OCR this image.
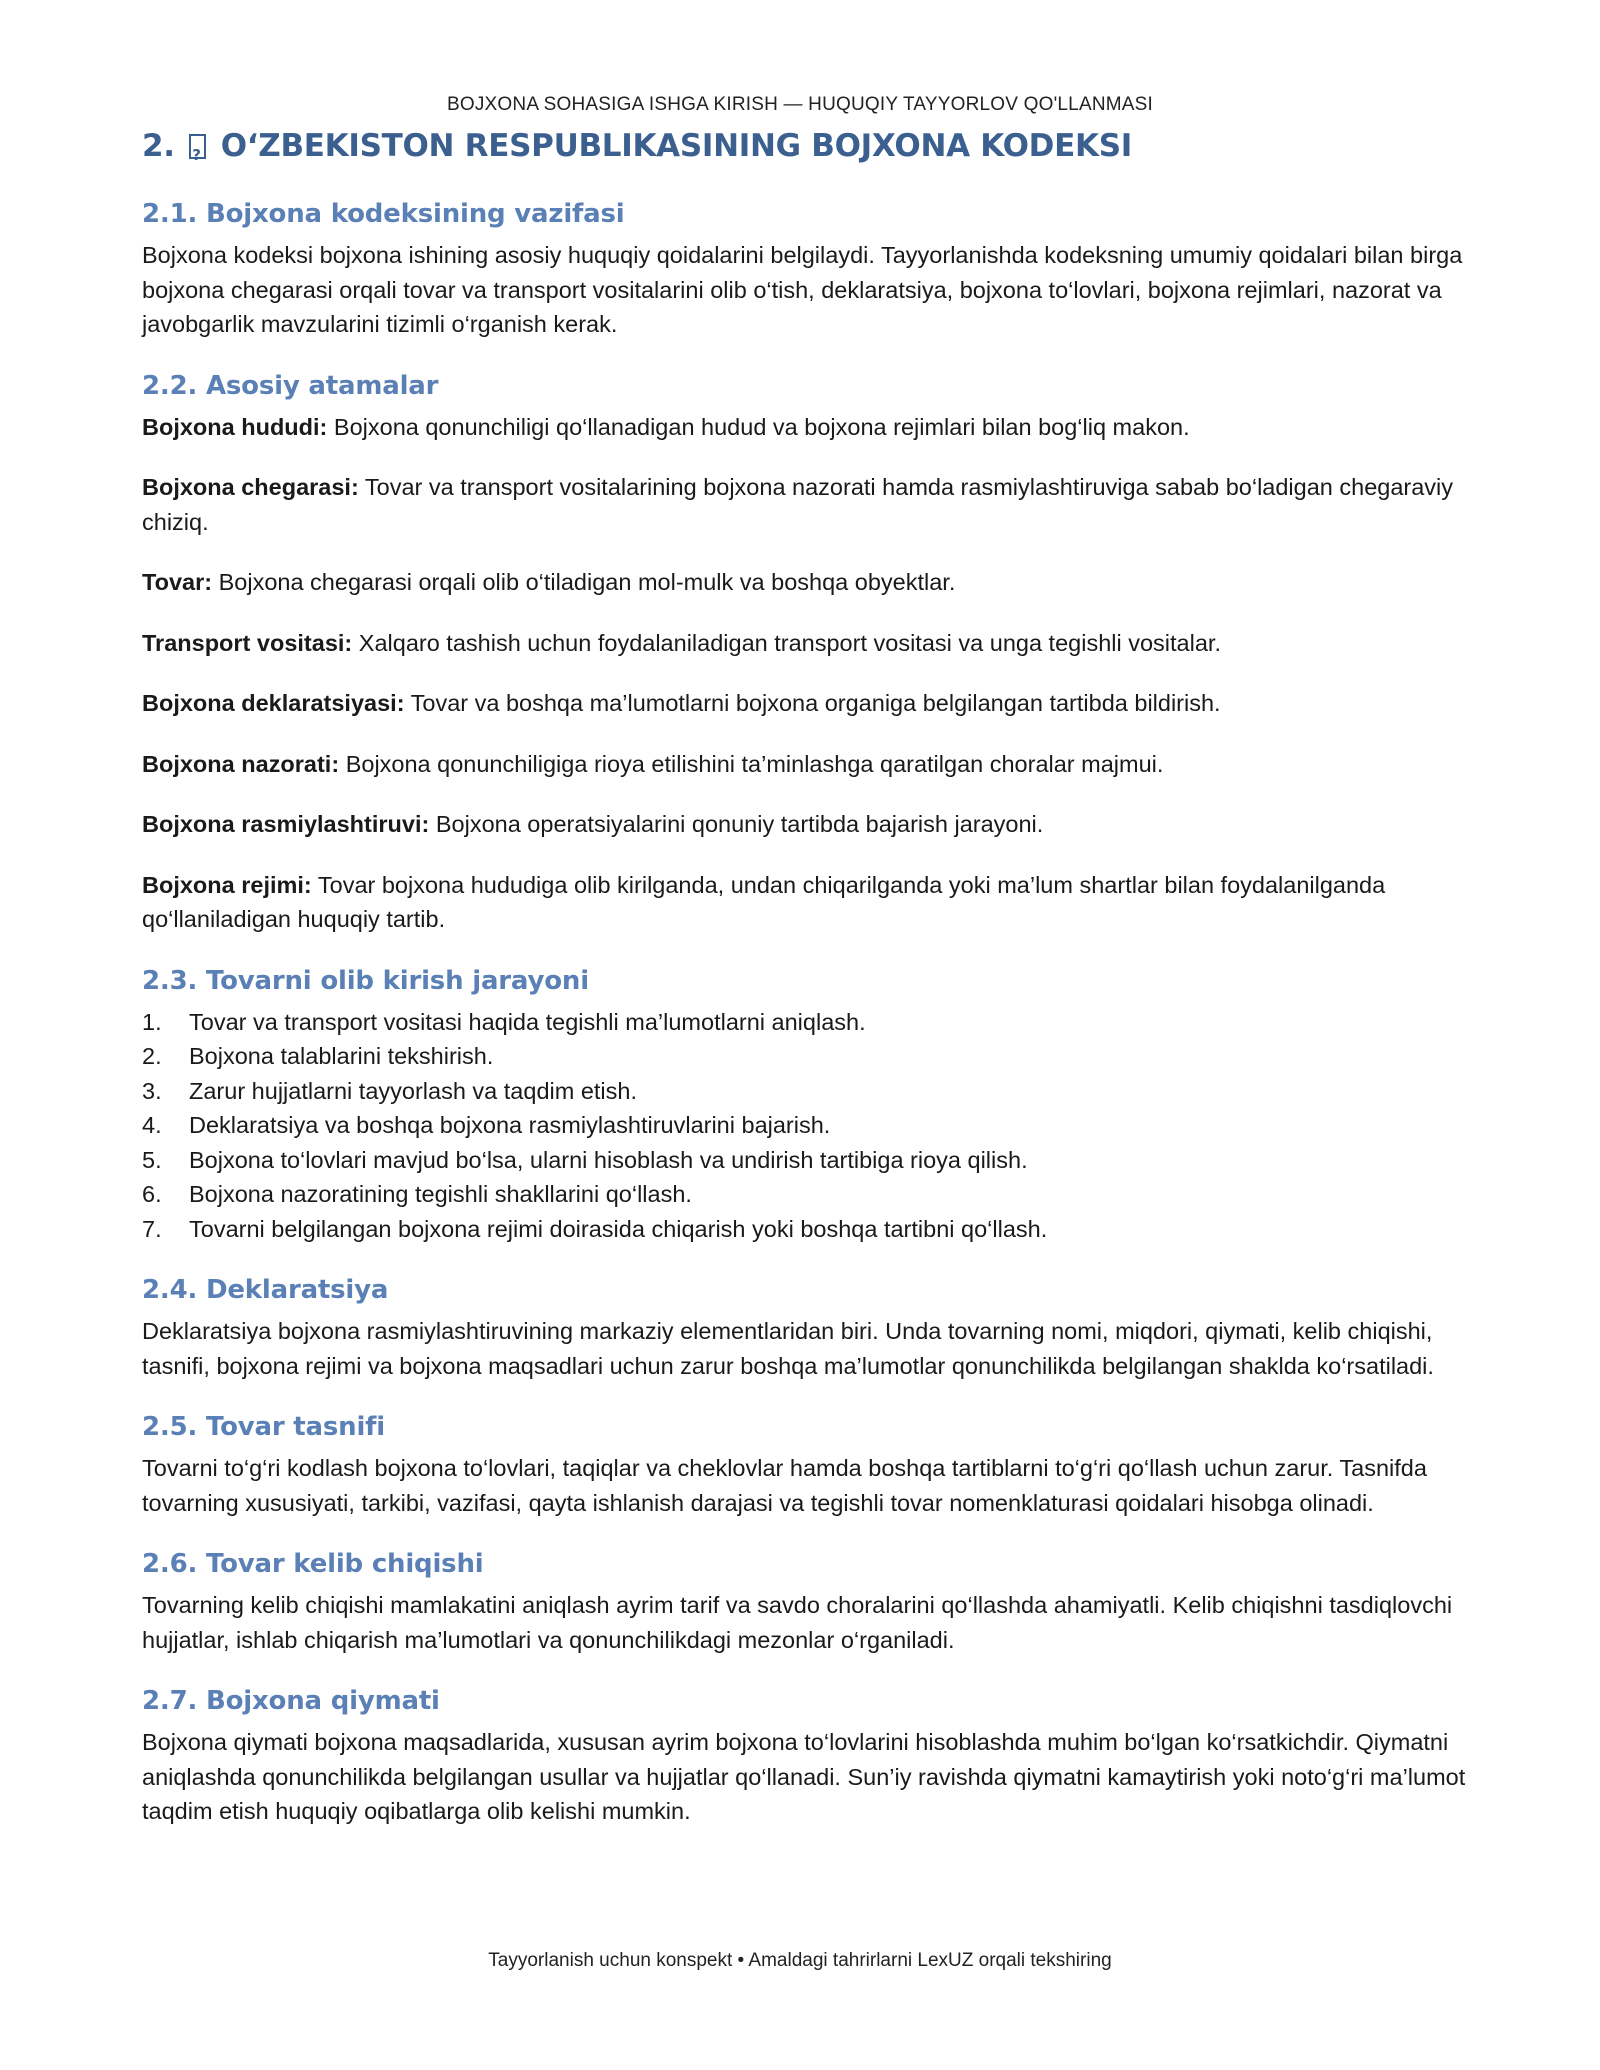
BOJXONA SOHASIGA ISHGA KIRISH — HUQUQIY TAYYORLOV QO'LLANMASI
2. ? O‘ZBEKISTON RESPUBLIKASINING BOJXONA KODEKSI
2.1. Bojxona kodeksining vazifasi

Bojxona kodeksi bojxona ishining asosiy huquqiy qoidalarini belgilaydi. Tayyorlanishda kodeksning umumiy qoidalari bilan birga bojxona chegarasi orqali tovar va transport vositalarini olib o‘tish, deklaratsiya, bojxona to‘lovlari, bojxona rejimlari, nazorat va javobgarlik mavzularini tizimli o‘rganish kerak.

2.2. Asosiy atamalar

Bojxona hududi: Bojxona qonunchiligi qo‘llanadigan hudud va bojxona rejimlari bilan bog‘liq makon.

Bojxona chegarasi: Tovar va transport vositalarining bojxona nazorati hamda rasmiylashtiruviga sabab bo‘ladigan chegaraviy chiziq.

Tovar: Bojxona chegarasi orqali olib o‘tiladigan mol-mulk va boshqa obyektlar.

Transport vositasi: Xalqaro tashish uchun foydalaniladigan transport vositasi va unga tegishli vositalar.

Bojxona deklaratsiyasi: Tovar va boshqa ma’lumotlarni bojxona organiga belgilangan tartibda bildirish.

Bojxona nazorati: Bojxona qonunchiligiga rioya etilishini ta’minlashga qaratilgan choralar majmui.

Bojxona rasmiylashtiruvi: Bojxona operatsiyalarini qonuniy tartibda bajarish jarayoni.

Bojxona rejimi: Tovar bojxona hududiga olib kirilganda, undan chiqarilganda yoki ma’lum shartlar bilan foydalanilganda qo‘llaniladigan huquqiy tartib.

2.3. Tovarni olib kirish jarayoni
1.	Tovar va transport vositasi haqida tegishli ma’lumotlarni aniqlash.
2.	Bojxona talablarini tekshirish.
3.	Zarur hujjatlarni tayyorlash va taqdim etish.
4.	Deklaratsiya va boshqa bojxona rasmiylashtiruvlarini bajarish.
5.	Bojxona to‘lovlari mavjud bo‘lsa, ularni hisoblash va undirish tartibiga rioya qilish.
6.	Bojxona nazoratining tegishli shakllarini qo‘llash.
7.	Tovarni belgilangan bojxona rejimi doirasida chiqarish yoki boshqa tartibni qo‘llash.
2.4. Deklaratsiya

Deklaratsiya bojxona rasmiylashtiruvining markaziy elementlaridan biri. Unda tovarning nomi, miqdori, qiymati, kelib chiqishi, tasnifi, bojxona rejimi va bojxona maqsadlari uchun zarur boshqa ma’lumotlar qonunchilikda belgilangan shaklda ko‘rsatiladi.

2.5. Tovar tasnifi

Tovarni to‘g‘ri kodlash bojxona to‘lovlari, taqiqlar va cheklovlar hamda boshqa tartiblarni to‘g‘ri qo‘llash uchun zarur. Tasnifda tovarning xususiyati, tarkibi, vazifasi, qayta ishlanish darajasi va tegishli tovar nomenklaturasi qoidalari hisobga olinadi.

2.6. Tovar kelib chiqishi

Tovarning kelib chiqishi mamlakatini aniqlash ayrim tarif va savdo choralarini qo‘llashda ahamiyatli. Kelib chiqishni tasdiqlovchi hujjatlar, ishlab chiqarish ma’lumotlari va qonunchilikdagi mezonlar o‘rganiladi.

2.7. Bojxona qiymati

Bojxona qiymati bojxona maqsadlarida, xususan ayrim bojxona to‘lovlarini hisoblashda muhim bo‘lgan ko‘rsatkichdir. Qiymatni aniqlashda qonunchilikda belgilangan usullar va hujjatlar qo‘llanadi. Sun’iy ravishda qiymatni kamaytirish yoki noto‘g‘ri ma’lumot taqdim etish huquqiy oqibatlarga olib kelishi mumkin.

Tayyorlanish uchun konspekt • Amaldagi tahrirlarni LexUZ orqali tekshiring
